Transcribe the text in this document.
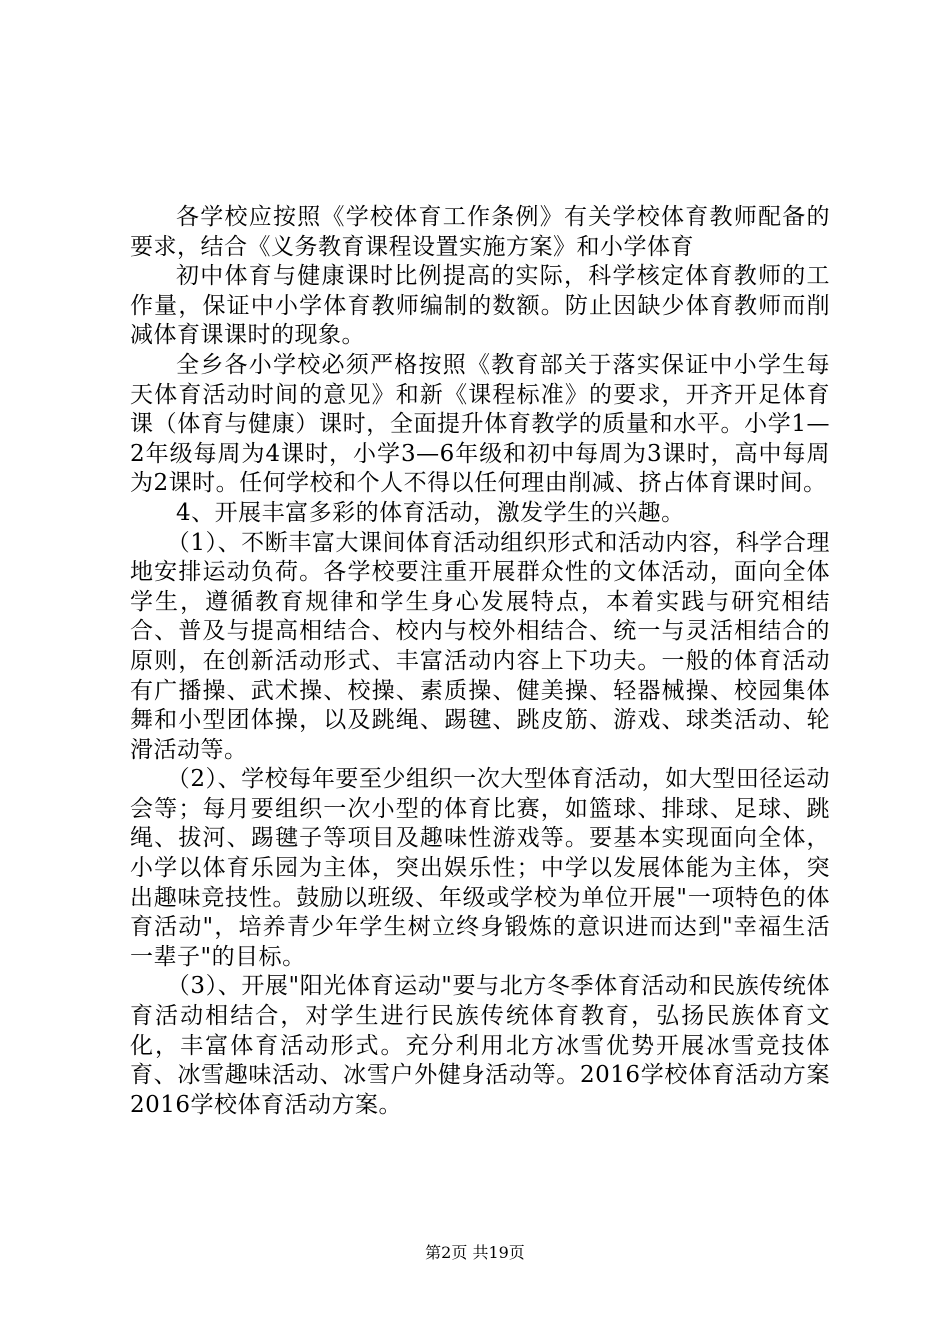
各学校应按照《学校体育工作条例》有关学校体育教师配备的要求，结合《义务教育课程设置实施方案》和小学体育

初中体育与健康课时比例提高的实际，科学核定体育教师的工作量，保证中小学体育教师编制的数额。防止因缺少体育教师而削减体育课课时的现象。

全乡各小学校必须严格按照《教育部关于落实保证中小学生每天体育活动时间的意见》和新《课程标准》的要求，开齐开足体育课（体育与健康）课时，全面提升体育教学的质量和水平。小学1—2年级每周为4课时，小学3—6年级和初中每周为3课时，高中每周为2课时。任何学校和个人不得以任何理由削减、挤占体育课时间。

4、开展丰富多彩的体育活动，激发学生的兴趣。

（1）、不断丰富大课间体育活动组织形式和活动内容，科学合理地安排运动负荷。各学校要注重开展群众性的文体活动，面向全体学生，遵循教育规律和学生身心发展特点，本着实践与研究相结合、普及与提高相结合、校内与校外相结合、统一与灵活相结合的原则，在创新活动形式、丰富活动内容上下功夫。一般的体育活动有广播操、武术操、校操、素质操、健美操、轻器械操、校园集体舞和小型团体操，以及跳绳、踢毽、跳皮筋、游戏、球类活动、轮滑活动等。

（2）、学校每年要至少组织一次大型体育活动，如大型田径运动会等；每月要组织一次小型的体育比赛，如篮球、排球、足球、跳绳、拔河、踢毽子等项目及趣味性游戏等。要基本实现面向全体，小学以体育乐园为主体，突出娱乐性；中学以发展体能为主体，突出趣味竞技性。鼓励以班级、年级或学校为单位开展"一项特色的体育活动"，培养青少年学生树立终身锻炼的意识进而达到"幸福生活一辈子"的目标。

（3）、开展"阳光体育运动"要与北方冬季体育活动和民族传统体育活动相结合，对学生进行民族传统体育教育，弘扬民族体育文化，丰富体育活动形式。充分利用北方冰雪优势开展冰雪竞技体育、冰雪趣味活动、冰雪户外健身活动等。2016学校体育活动方案2016学校体育活动方案。

第2页 共19页
